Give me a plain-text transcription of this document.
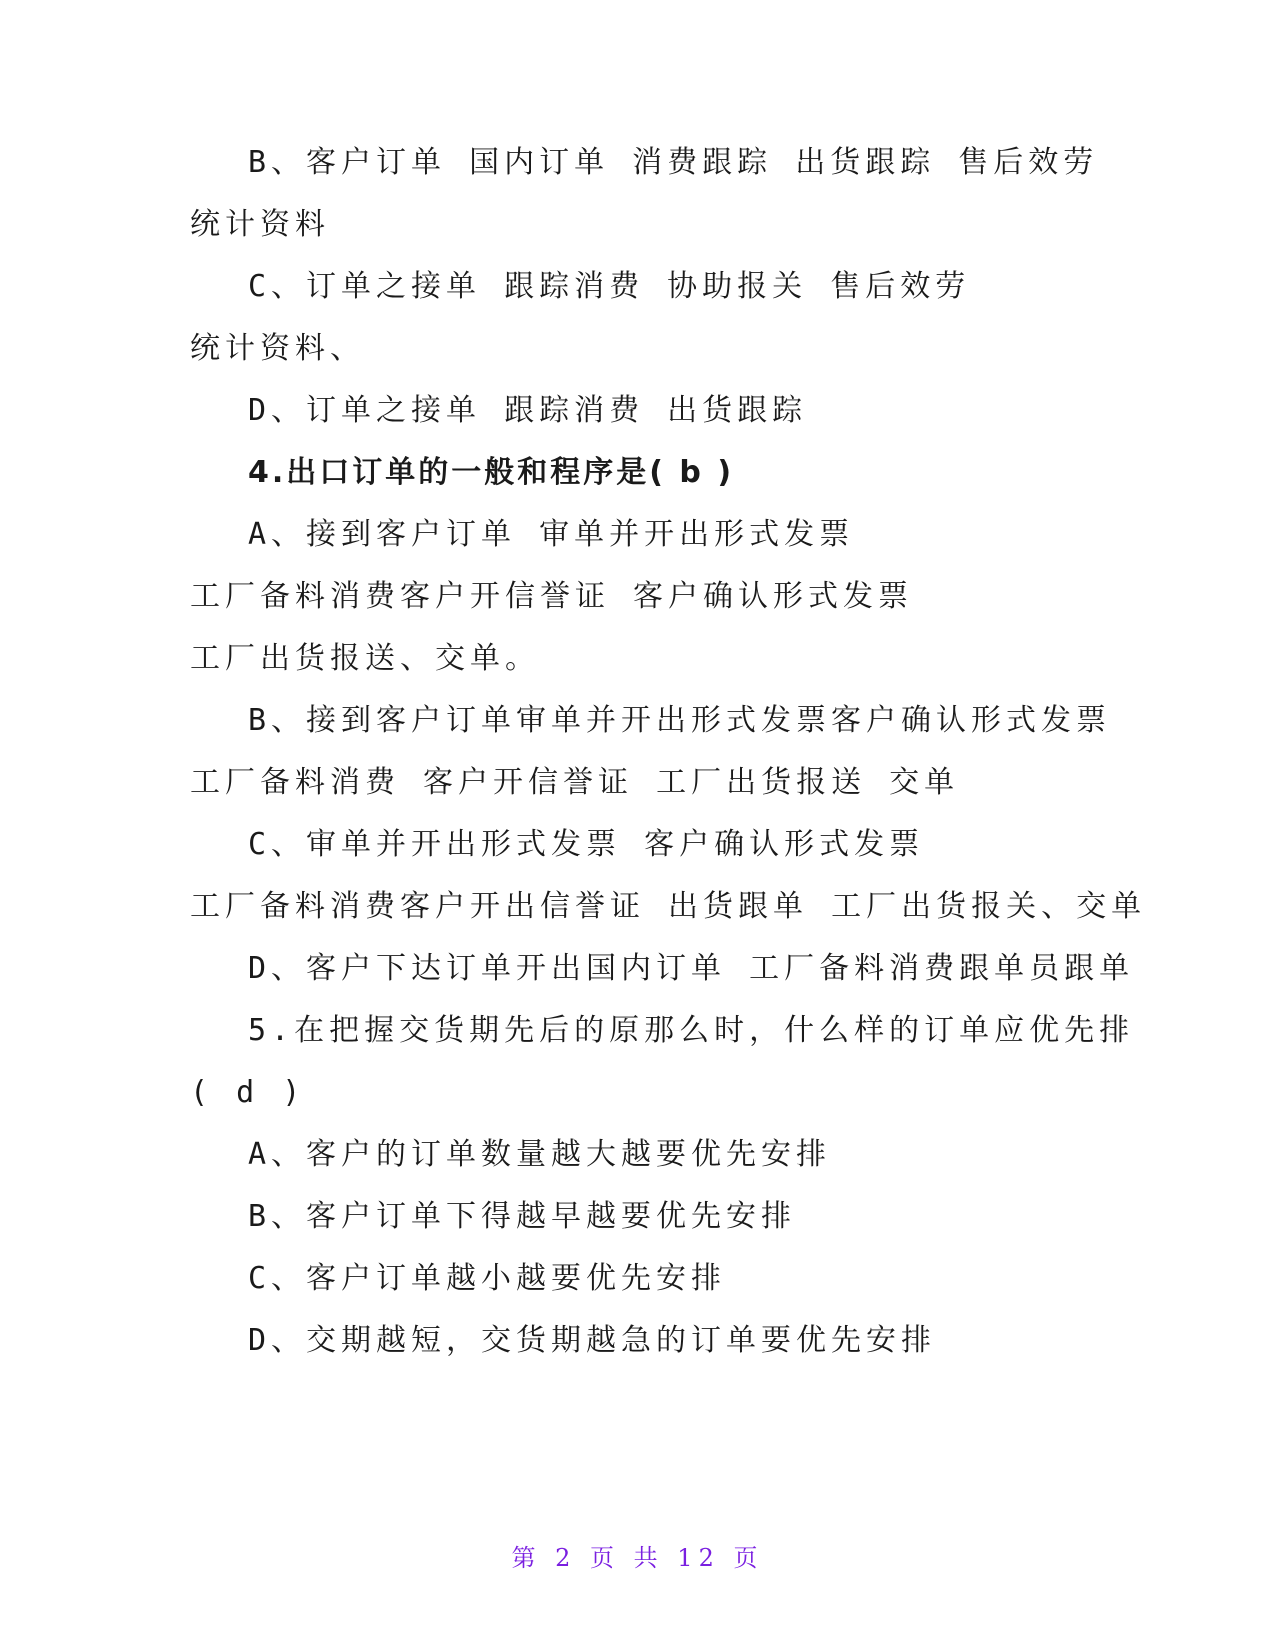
B、客户订单 国内订单 消费跟踪 出货跟踪 售后效劳
统计资料
C、订单之接单 跟踪消费 协助报关 售后效劳
统计资料、
D、订单之接单 跟踪消费 出货跟踪
4.出口订单的一般和程序是( b )
A、接到客户订单 审单并开出形式发票
工厂备料消费客户开信誉证 客户确认形式发票
工厂出货报送、交单。
B、接到客户订单审单并开出形式发票客户确认形式发票
工厂备料消费 客户开信誉证 工厂出货报送 交单
C、审单并开出形式发票 客户确认形式发票
工厂备料消费客户开出信誉证 出货跟单 工厂出货报关、交单
D、客户下达订单开出国内订单 工厂备料消费跟单员跟单
5.在把握交货期先后的原那么时，什么样的订单应优先排
( d )
A、客户的订单数量越大越要优先安排
B、客户订单下得越早越要优先安排
C、客户订单越小越要优先安排
D、交期越短，交货期越急的订单要优先安排
第 2 页 共 12 页
